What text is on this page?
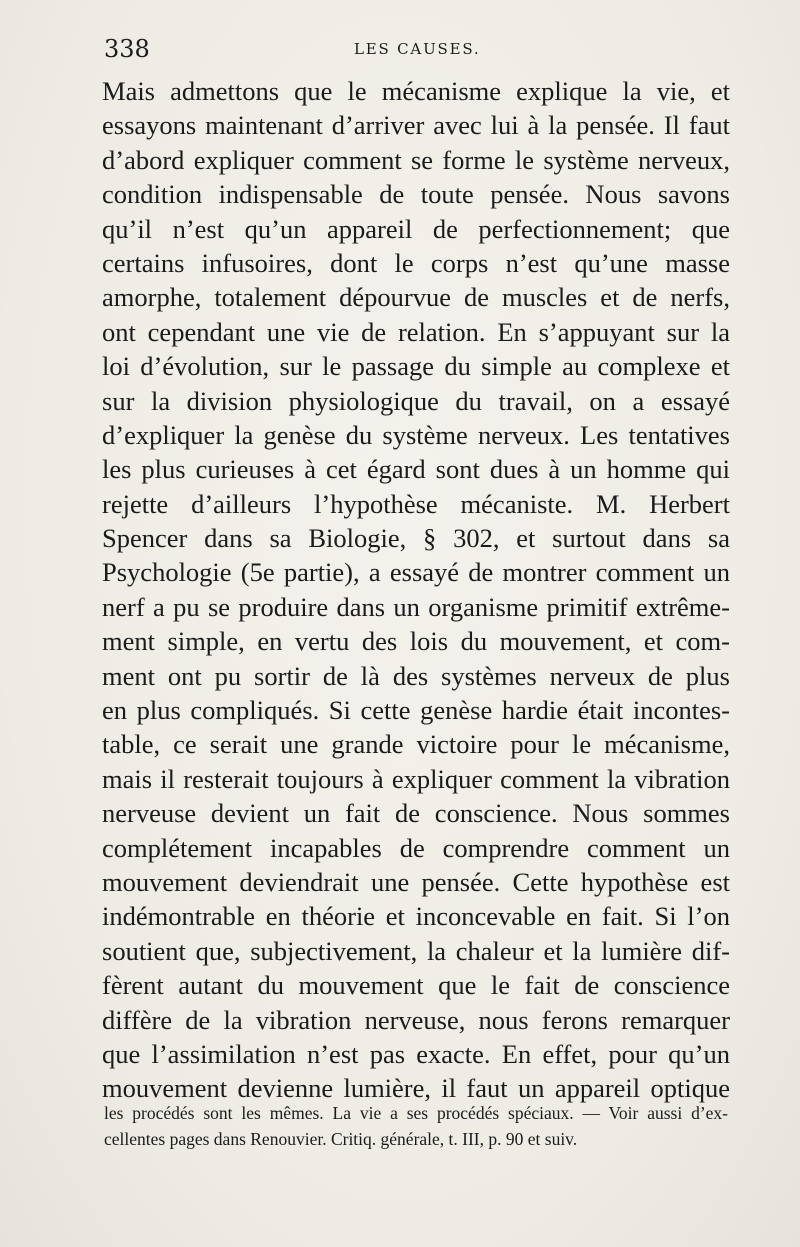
338	LES CAUSES.
Mais admettons que le mécanisme explique la vie, et
essayons maintenant d’arriver avec lui à la pensée. Il faut
d’abord expliquer comment se forme le système nerveux,
condition indispensable de toute pensée. Nous savons
qu’il n’est qu’un appareil de perfectionnement; que
certains infusoires, dont le corps n’est qu’une masse
amorphe, totalement dépourvue de muscles et de nerfs,
ont cependant une vie de relation. En s’appuyant sur la
loi d’évolution, sur le passage du simple au complexe et
sur la division physiologique du travail, on a essayé
d’expliquer la genèse du système nerveux. Les tentatives
les plus curieuses à cet égard sont dues à un homme qui
rejette d’ailleurs l’hypothèse mécaniste. M. Herbert
Spencer dans sa Biologie, § 302, et surtout dans sa
Psychologie (5e partie), a essayé de montrer comment un
nerf a pu se produire dans un organisme primitif extrême-
ment simple, en vertu des lois du mouvement, et com-
ment ont pu sortir de là des systèmes nerveux de plus
en plus compliqués. Si cette genèse hardie était incontes-
table, ce serait une grande victoire pour le mécanisme,
mais il resterait toujours à expliquer comment la vibration
nerveuse devient un fait de conscience. Nous sommes
complétement incapables de comprendre comment un
mouvement deviendrait une pensée. Cette hypothèse est
indémontrable en théorie et inconcevable en fait. Si l’on
soutient que, subjectivement, la chaleur et la lumière dif-
fèrent autant du mouvement que le fait de conscience
diffère de la vibration nerveuse, nous ferons remarquer
que l’assimilation n’est pas exacte. En effet, pour qu’un
mouvement devienne lumière, il faut un appareil optique
les procédés sont les mêmes. La vie a ses procédés spéciaux. — Voir aussi d’ex-
cellentes pages dans Renouvier. Critiq. générale, t. III, p. 90 et suiv.
